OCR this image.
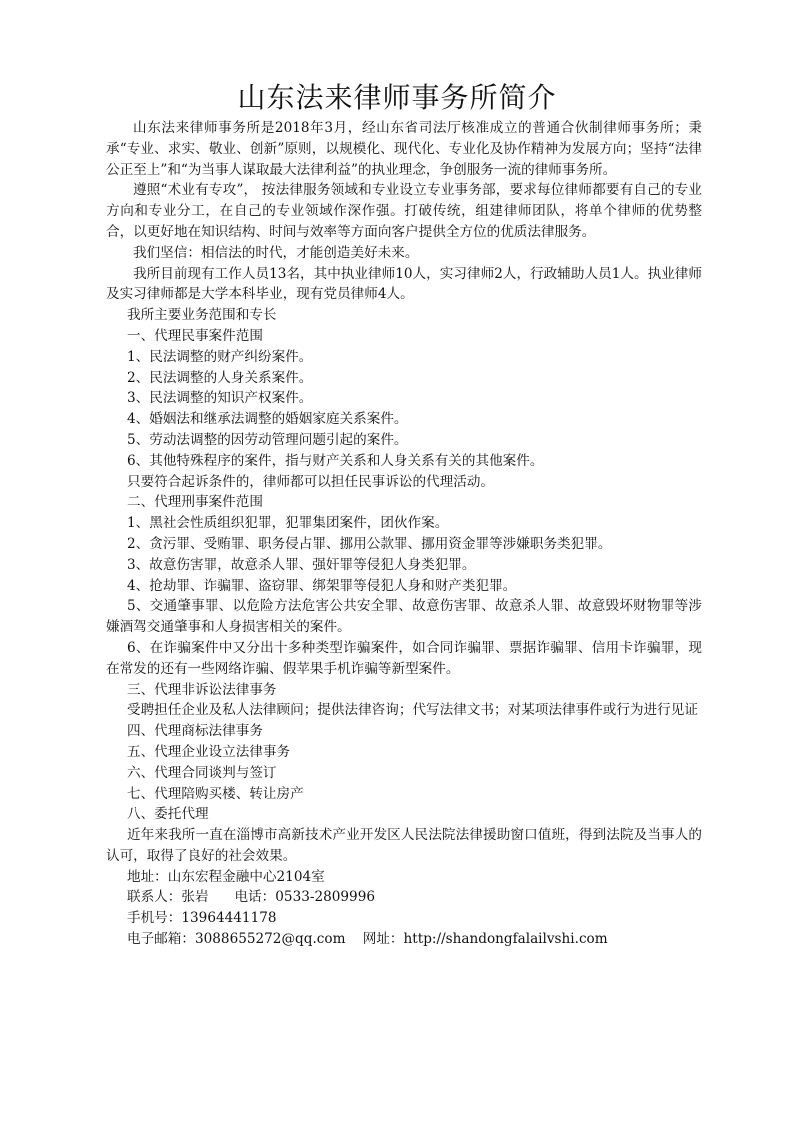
山东法来律师事务所简介

山东法来律师事务所是2018年3月，经山东省司法厅核准成立的普通合伙制律师事务所；秉承“专业、求实、敬业、创新”原则，以规模化、现代化、专业化及协作精神为发展方向；坚持“法律公正至上”和“为当事人谋取最大法律利益”的执业理念，争创服务一流的律师事务所。

遵照“术业有专攻”， 按法律服务领域和专业设立专业事务部，要求每位律师都要有自己的专业方向和专业分工，在自己的专业领域作深作强。打破传统，组建律师团队，将单个律师的优势整合，以更好地在知识结构、时间与效率等方面向客户提供全方位的优质法律服务。

我们坚信：相信法的时代，才能创造美好未来。

我所目前现有工作人员13名，其中执业律师10人，实习律师2人，行政辅助人员1人。执业律师及实习律师都是大学本科毕业，现有党员律师4人。

我所主要业务范围和专长

一、代理民事案件范围

1、民法调整的财产纠纷案件。

2、民法调整的人身关系案件。

3、民法调整的知识产权案件。

4、婚姻法和继承法调整的婚姻家庭关系案件。

5、劳动法调整的因劳动管理问题引起的案件。

6、其他特殊程序的案件，指与财产关系和人身关系有关的其他案件。

只要符合起诉条件的，律师都可以担任民事诉讼的代理活动。

二、代理刑事案件范围

1、黑社会性质组织犯罪，犯罪集团案件，团伙作案。

2、贪污罪、受贿罪、职务侵占罪、挪用公款罪、挪用资金罪等涉嫌职务类犯罪。

3、故意伤害罪，故意杀人罪、强奸罪等侵犯人身类犯罪。

4、抢劫罪、诈骗罪、盗窃罪、绑架罪等侵犯人身和财产类犯罪。

5、交通肇事罪、以危险方法危害公共安全罪、故意伤害罪、故意杀人罪、故意毁坏财物罪等涉嫌酒驾交通肇事和人身损害相关的案件。

6、在诈骗案件中又分出十多种类型诈骗案件，如合同诈骗罪、票据诈骗罪、信用卡诈骗罪，现在常发的还有一些网络诈骗、假苹果手机诈骗等新型案件。

三、代理非诉讼法律事务

受聘担任企业及私人法律顾问；提供法律咨询；代写法律文书；对某项法律事件或行为进行见证

四、代理商标法律事务

五、代理企业设立法律事务

六、代理合同谈判与签订

七、代理陪购买楼、转让房产

八、委托代理

近年来我所一直在淄博市高新技术产业开发区人民法院法律援助窗口值班，得到法院及当事人的认可，取得了良好的社会效果。

地址：山东宏程金融中心2104室

联系人：张岩      电话：0533-2809996

手机号：13964441178

电子邮箱：3088655272@qq.com    网址：http://shandongfalailvshi.com
